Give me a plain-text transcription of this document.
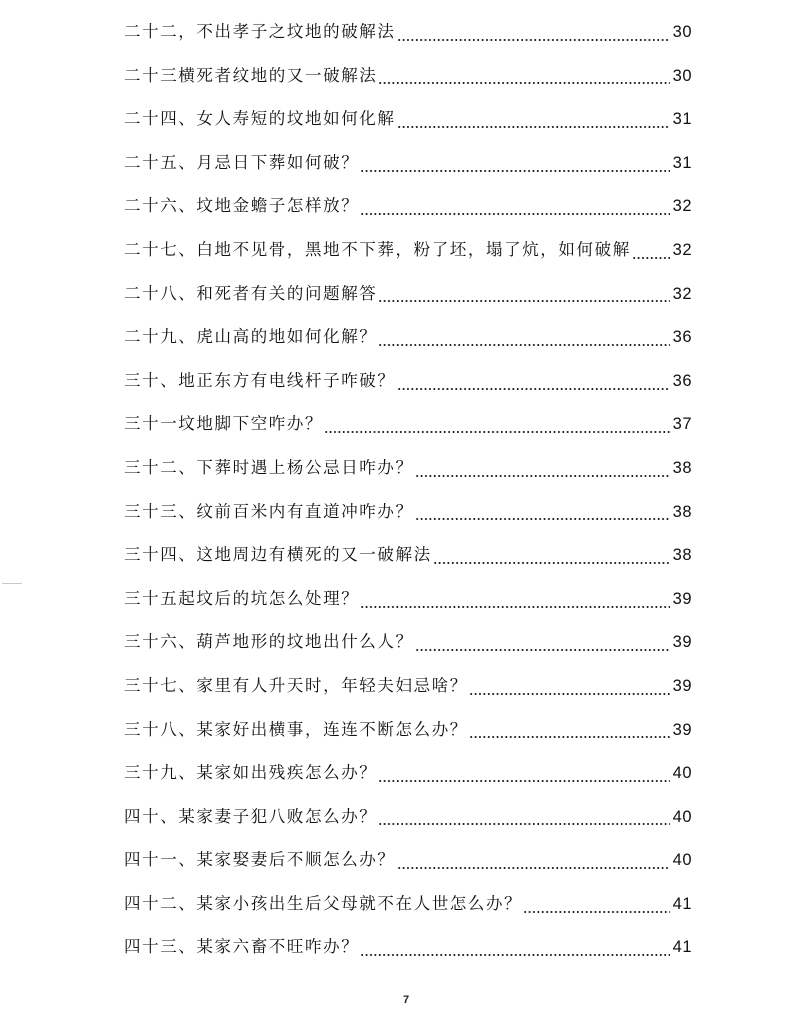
二十二，不出孝子之坟地的破解法	30
二十三横死者纹地的又一破解法	30
二十四、女人寿短的坟地如何化解	31
二十五、月忌日下葬如何破？	31
二十六、坟地金蟾子怎样放？	32
二十七、白地不见骨，黑地不下葬，粉了坯，塌了炕，如何破解	32
二十八、和死者有关的问题解答	32
二十九、虎山高的地如何化解？	36
三十、地正东方有电线杆子咋破？	36
三十一坟地脚下空咋办？	37
三十二、下葬时遇上杨公忌日咋办？	38
三十三、纹前百米内有直道冲咋办？	38
三十四、这地周边有横死的又一破解法	38
三十五起坟后的坑怎么处理？	39
三十六、葫芦地形的坟地出什么人？	39
三十七、家里有人升天时，年轻夫妇忌啥？	39
三十八、某家好出横事，连连不断怎么办？	39
三十九、某家如出残疾怎么办？	40
四十、某家妻子犯八败怎么办？	40
四十一、某家娶妻后不顺怎么办？	40
四十二、某家小孩出生后父母就不在人世怎么办？	41
四十三、某家六畜不旺咋办？	41
7
